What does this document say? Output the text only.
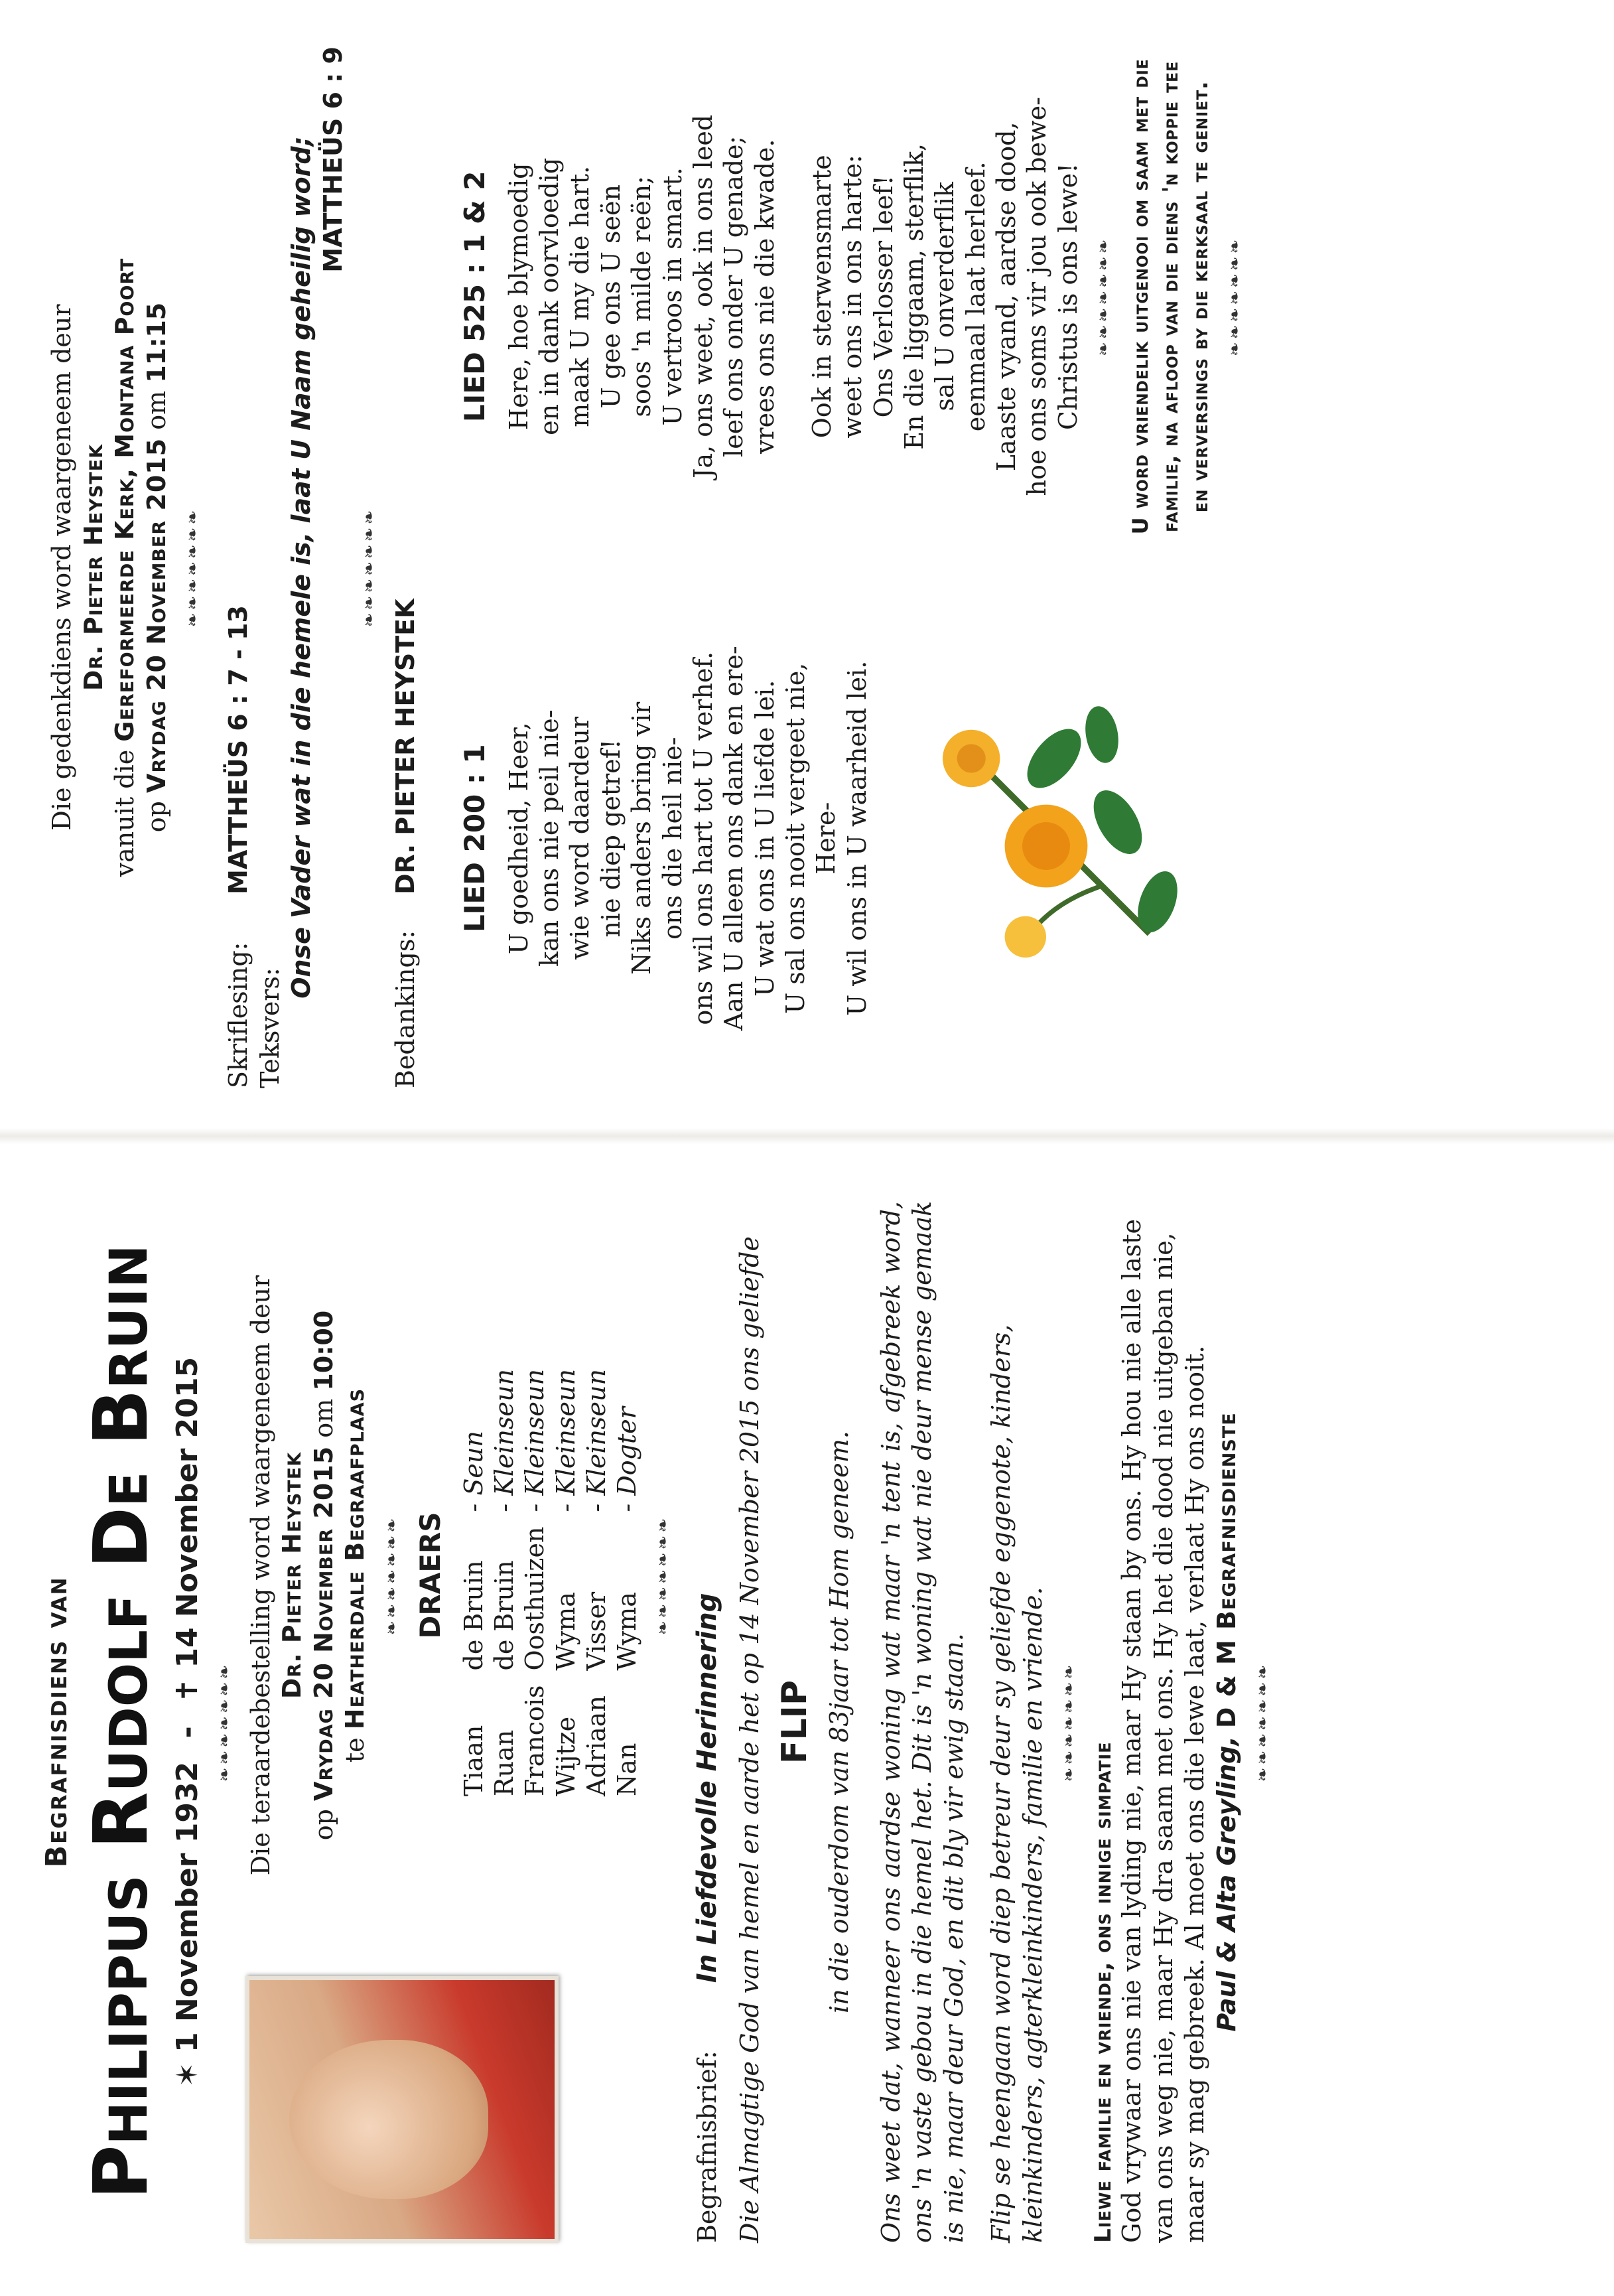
Begrafnisdiens van Philippus Rudolf De Bruin ✶ 1 November 1932 - ✝ 14 November 2015
❧❧❧❧❧❧❧ Die teraardebestelling word waargeneem deur Dr. Pieter Heystek
op Vrydag 20 November 2015 om 10:00
te Heatherdale Begraafplaas ❧❧❧❧❧❧❧ DRAERS
Tiaan	de Bruin	- Seun
Ruan	de Bruin	- Kleinseun
Francois	Oosthuizen	- Kleinseun
Wijtze	Wyma	- Kleinseun
Adriaan	Visser	- Kleinseun
Nan	Wyma	- Dogter
❧❧❧❧❧❧❧
Begrafnisbrief: In Liefdevolle Herinnering Die Almagtige God van hemel en aarde het op 14 November 2015 ons geliefde FLIP in die ouderdom van 83jaar tot Hom geneem. Ons weet dat, wanneer ons aardse woning wat maar 'n tent is, afgebreek word, ons 'n vaste gebou in die hemel het. Dit is 'n woning wat nie deur mense gemaak is nie, maar deur God, en dit bly vir ewig staan. Flip se heengaan word diep betreur deur sy geliefde eggenote, kinders, kleinkinders, agterkleinkinders, familie en vriende. ❧❧❧❧❧❧❧
Liewe familie en vriende, ons innige simpatie God vrywaar ons nie van lyding nie, maar Hy staan by ons. Hy hou nie alle laste van ons weg nie, maar Hy dra saam met ons. Hy het die dood nie uitgeban nie, maar sy mag gebreek. Al moet ons die lewe laat, verlaat Hy ons nooit. Paul & Alta Greyling, D & M Begrafnisdienste ❧❧❧❧❧❧❧
Die gedenkdiens word waargeneem deur Dr. Pieter Heystek
vanuit die Gereformeerde Kerk, Montana Poort
op Vrydag 20 November 2015 om 11:15
❧❧❧❧❧❧❧
Skriflesing: MATTHEÜS 6 : 7 - 13
Teksvers:
Onse Vader wat in die hemele is, laat U Naam geheilig word; MATTHEÜS 6 : 9
❧❧❧❧❧❧❧
Bedankings: DR. PIETER HEYSTEK LIED 200 : 1 U goedheid, Heer, kan ons nie peil nie- wie word daardeur nie diep getref! Niks anders bring vir ons die heil nie- ons wil ons hart tot U verhef. Aan U alleen ons dank en ere- U wat ons in U liefde lei. U sal ons nooit vergeet nie, Here- U wil ons in U waarheid lei.
LIED 525 : 1 & 2 Here, hoe blymoedig en in dank oorvloedig maak U my die hart. U gee ons U seën soos 'n milde reën; U vertroos in smart. Ja, ons weet, ook in ons leed leef ons onder U genade; vrees ons nie die kwade. Ook in sterwensmarte weet ons in ons harte: Ons Verlosser leef! En die liggaam, sterflik, sal U onverderflik eenmaal laat herleef. Laaste vyand, aardse dood, hoe ons soms vir jou ook bewe- Christus is ons lewe! ❧❧❧❧❧❧❧ U word vriendelik uitgenooi om saam met die familie, na afloop van die diens 'n koppie tee en verversings by die kerksaal te geniet. ❧❧❧❧❧❧❧
